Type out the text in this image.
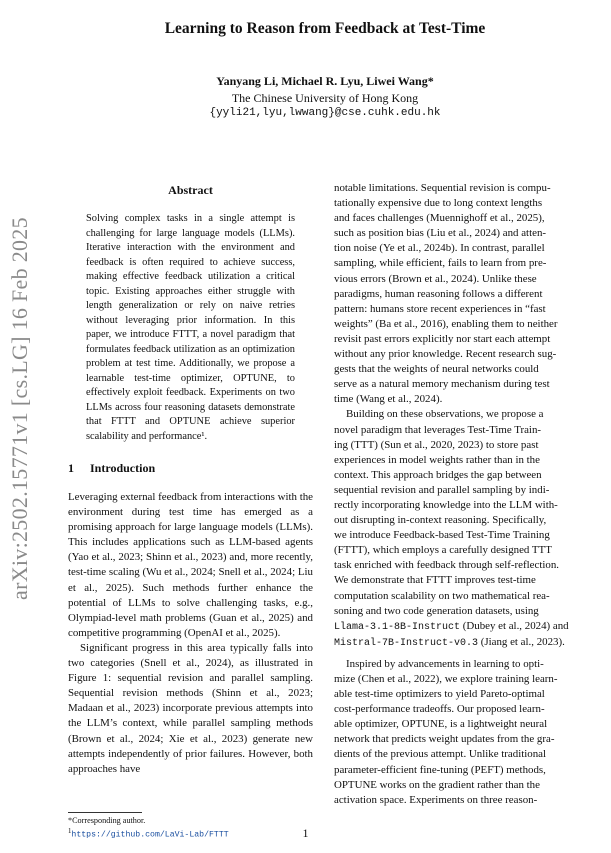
arXiv:2502.15771v1 [cs.LG] 16 Feb 2025
Learning to Reason from Feedback at Test-Time
Yanyang Li, Michael R. Lyu, Liwei Wang*
The Chinese University of Hong Kong
{yyli21,lyu,lwwang}@cse.cuhk.edu.hk
Abstract

Solving complex tasks in a single attempt is challenging for large language models (LLMs). Iterative interaction with the environment and feedback is often required to achieve success, making effective feedback utilization a critical topic. Existing approaches either struggle with length generalization or rely on naive retries without leveraging prior information. In this paper, we introduce FTTT, a novel paradigm that formulates feedback utilization as an optimization problem at test time. Additionally, we propose a learnable test-time optimizer, OPTUNE, to effectively exploit feedback. Experiments on two LLMs across four reasoning datasets demonstrate that FTTT and OPTUNE achieve superior scalability and performance¹.

1 Introduction

Leveraging external feedback from interactions with the environment during test time has emerged as a promising approach for large language models (LLMs). This includes applications such as LLM-based agents (Yao et al., 2023; Shinn et al., 2023) and, more recently, test-time scaling (Wu et al., 2024; Snell et al., 2024; Liu et al., 2025). Such methods further enhance the potential of LLMs to solve challenging tasks, e.g., Olympiad-level math problems (Guan et al., 2025) and competitive programming (OpenAI et al., 2025).

Significant progress in this area typically falls into two categories (Snell et al., 2024), as illustrated in Figure 1: sequential revision and parallel sampling. Sequential revision methods (Shinn et al., 2023; Madaan et al., 2023) incorporate previous attempts into the LLM’s context, while parallel sampling methods (Brown et al., 2024; Xie et al., 2023) generate new attempts independently of prior failures. However, both approaches have

notable limitations. Sequential revision is compu-
tationally expensive due to long context lengths
and faces challenges (Muennighoff et al., 2025),
such as position bias (Liu et al., 2024) and atten-
tion noise (Ye et al., 2024b). In contrast, parallel
sampling, while efficient, fails to learn from pre-
vious errors (Brown et al., 2024). Unlike these
paradigms, human reasoning follows a different
pattern: humans store recent experiences in “fast
weights” (Ba et al., 2016), enabling them to neither
revisit past errors explicitly nor start each attempt
without any prior knowledge. Recent research sug-
gests that the weights of neural networks could
serve as a natural memory mechanism during test
time (Wang et al., 2024).
Building on these observations, we propose a
novel paradigm that leverages Test-Time Train-
ing (TTT) (Sun et al., 2020, 2023) to store past
experiences in model weights rather than in the
context. This approach bridges the gap between
sequential revision and parallel sampling by indi-
rectly incorporating knowledge into the LLM with-
out disrupting in-context reasoning. Specifically,
we introduce Feedback-based Test-Time Training
(FTTT), which employs a carefully designed TTT
task enriched with feedback through self-reflection.
We demonstrate that FTTT improves test-time
computation scalability on two mathematical rea-
soning and two code generation datasets, using
Llama-3.1-8B-Instruct (Dubey et al., 2024) and
Mistral-7B-Instruct-v0.3 (Jiang et al., 2023).
Inspired by advancements in learning to opti-
mize (Chen et al., 2022), we explore training learn-
able test-time optimizers to yield Pareto-optimal
cost-performance tradeoffs. Our proposed learn-
able optimizer, OPTUNE, is a lightweight neural
network that predicts weight updates from the gra-
dients of the previous attempt. Unlike traditional
parameter-efficient fine-tuning (PEFT) methods,
OPTUNE works on the gradient rather than the
activation space. Experiments on three reason-
*Corresponding author.
$^1$https://github.com/LaVi-Lab/FTTT	1
